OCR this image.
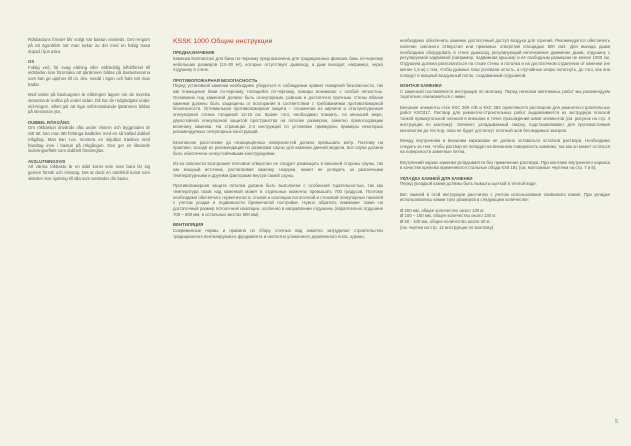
Rökbastuns fönster blir sotigt när bastun används. Det rengörs på ett ögonblick när man torkar av det med en fuktig trasa dopad i ljus aska.

OS

Fuktig ved, för svag eldning eller otillräcklig lufttillförsel till eldstaden kan förorsaka att tjärämnen bildas på bastustenarna som kan ge upphov till os, dvs. svedd i ögon och hals när man badar.

Med tanke på bastuugnen är eldningen lagom om de översta stenarna är sotfria på under sidan. Då har de rödglödgats under eld-ningen, vilket gör att inga osförorsakande tjärämnen bildas på stenarnas yta.

DUBBEL RÖKGÅNG

Om rökbastun används ofta under vintern och byggnaden är rätt tät, kan man lätt förlänga badtiden med en så kallad dubbel rökgång. Man kan t.ex. montera en skjutbar träskiva med handtag inne i bastun på rökgången. Den ger en liknande isoleringseffekt som dubbelt fönsterglas.

AVSLUTNINGSVIS

Att värma rökbastu är en ädel konst som man bara lär sig genom försök och misstag. Det är dock en värdefull konst som skänker stor njutning till alla som använder din bastu.

KSSK 1000 Общие инструкции
ПРЕДНАЗНАЧЕНИЕ

Каменка Karmanzavi для бани по-черному предназначена для традиционных финских бань по-черному небольших размеров (13–30 м³), которые отсутствует дымоход, а дым выходит, например, через отдушину в стене.

ПРОТИВОПОЖАРНАЯ БЕЗОПАСНОСТЬ

Перед установкой каменки необходимо убедиться в соблюдении правил пожарной безопасности, так как помещение бани по-черному, топящейся по-черному, пожары возникают с особой легкостью. Основание под каменкой должно быть огнеупорным, ровным и достаточно прочным. Стены вблизи каменки должны быть защищены от возгорания в соответствии с требованиями противопожарной безопасности. Оптимальная противопожарная защита – сложенная из кирпича и отштукатуренная огнеупорная стенка толщиной 12-15 см. Кроме того, необходимо помнить, по меньшей мере, двухслойной огнеупорной защитой пространства на потолке размером, заметно превосходящим величину каменки. На страницах 2-3 инструкций по установке приведены примеры некоторых рекомендуемых огнеупорных конструкций.

Безопасное расстояние до незащищённых поверхностей должно превышать метр. Поэтому на практике, исходя из рекомендаций по размерам сауны для каменки данной модели, вся сауна должна быть обеспечена огнеустойчивыми конструкциями.

Из-за опасности возгорания тепловое отверстие не следует размещать в внешней стороны сауны, так как мощный источник, растапливая каменку снаружи, может не уследить за различными температурными и другими факторами внутри самой сауны.

Противопожарная защита потолка должна быть выполнена с особенной тщательностью, так как температура газов над каменкой может в отдельные моменты превышать 700 градусов. Поэтому необходимо обеспечить герметичность стыков и изоляцию потолочной и стеновой огнеупорных панелей с учетом усадки и подвижности бревенчатой постройки. Нужно обратить внимание также на достаточный размер потолочной изоляции, особенно в направлении отдушины (параллельно отдушине 700 – 800 мм, в остальных местах 500 мм).

ВЕНТИЛЯЦИЯ

Современные нормы и правила по сбору сточных вод заметно затрудняют строительство традиционного вентилируемого фундамента и неплотно уложенного деревянного пола, однако,

необходимо обеспечить каменке достаточный доступ воздуха для горения. Рекомендуется обеспечить наличие сквозного отверстия или приемных отверстий площадью 500 см2. Для вывода дыма необходимо оборудовать в стене дымоход, регулирующий интенсивное движение дыма, отдушину с регулируемой задвижкой (например, подвижная крышка) и её свободным размером не менее 1000 см. Отдушина должна располагаться на стыке стены и потолка и на достаточном отдалении от каменки (не менее 1,5 м) с тем, чтобы дымные газы успевали остыть, а случайные искры погаснуть, до того, как они попадут в мощный воздушный поток, создаваемый отдушиной.

МОНТАЖ КАМЕНКИ

С каменкой поставляются инструкция по монтажу. Перед началом монтажных работ мы рекомендуем тщательно ознакомиться с ними.

Внешние элементы стен КХС 289 А/В и КХС 282 скрепляются раствором для ремонтно-строительных работ КХО317. Раствор для ремонтно-строительных работ выдавливается из экструдера плоской тонкой прямоугольной пленкой в внешних в точке прохождения швов элементов (см. рисунок на стр. 4 инструкции по монтажу). Элемент, укладываемый сверху, подстанавливают для противостояния монолитом до тех пор, пока не будет достигнут плотный шов без видимых зазоров.

Между внутренним и внешним каркасами не должно оставаться остатков раствора. Необходимо следить за тем, чтобы раствор не попадал на внешнюю поверхность каменки, так как он может остаться на поверхности заметные пятна.

Внутренний каркас каменки укладывается без применения раствора. При монтаже внутреннего каркаса в качестве крепежа применяются стальные обода КХК 181 (см. монтажные чертежи на стр. 7 и 8).

УКЛАДКА КАМНЕЙ ДЛЯ КАМЕНКИ

Перед укладкой камни должны быть вымыты щеткой в теплой воде.

Вес камней в этой инструкции рассчитан с учетом использования оливкового камня. При укладке использовались камни трех размеров в следующем количестве:

Ø 200 мм, общее количество около 130 кг.
Ø 100 – 150 мм, общее количество около 130 кг.
Ø 50 - 100 мм, общее количество около 40 кг.
(см. чертеж на стр. 12 инструкции по монтажу).

5
